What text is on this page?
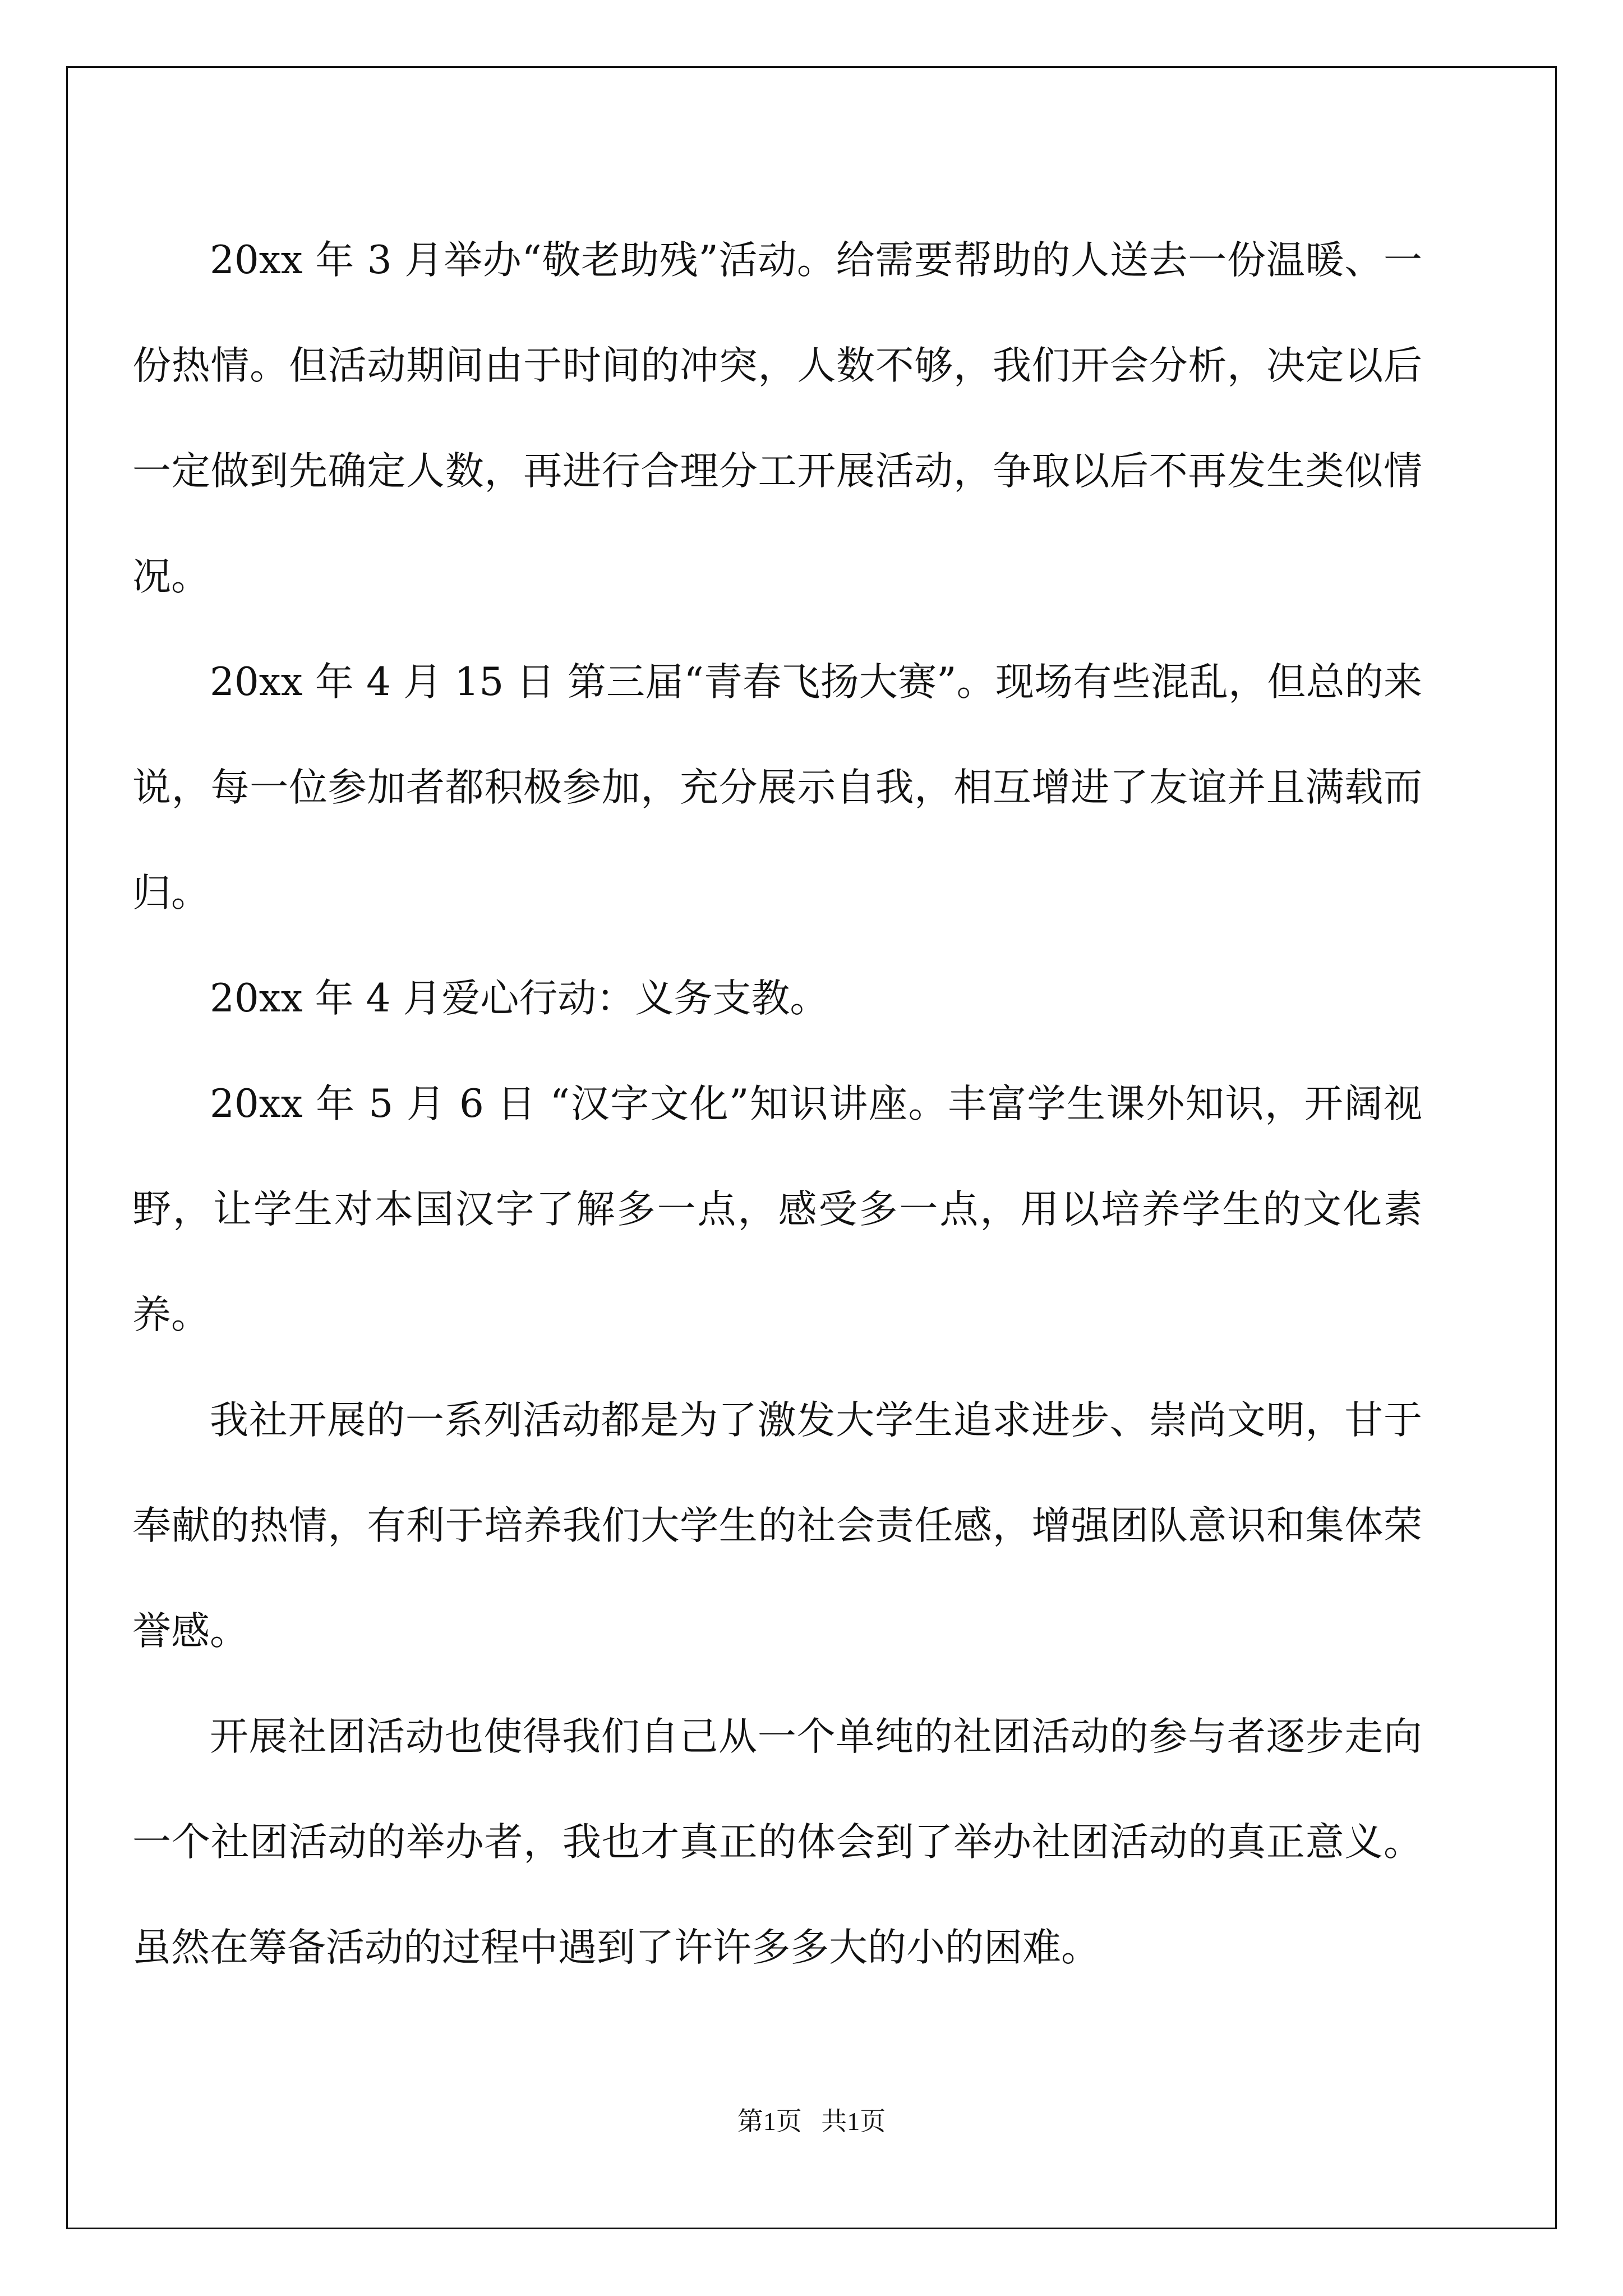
20xx 年 3 月举办“敬老助残”活动。给需要帮助的人送去一份温暖、一份热情。但活动期间由于时间的冲突，人数不够，我们开会分析，决定以后一定做到先确定人数，再进行合理分工开展活动，争取以后不再发生类似情况。

20xx 年 4 月 15 日 第三届“青春飞扬大赛”。现场有些混乱，但总的来说，每一位参加者都积极参加，充分展示自我，相互增进了友谊并且满载而归。

20xx 年 4 月爱心行动：义务支教。

20xx 年 5 月 6 日 “汉字文化”知识讲座。丰富学生课外知识，开阔视野，让学生对本国汉字了解多一点，感受多一点，用以培养学生的文化素养。

我社开展的一系列活动都是为了激发大学生追求进步、崇尚文明，甘于奉献的热情，有利于培养我们大学生的社会责任感，增强团队意识和集体荣誉感。

开展社团活动也使得我们自己从一个单纯的社团活动的参与者逐步走向一个社团活动的举办者，我也才真正的体会到了举办社团活动的真正意义。虽然在筹备活动的过程中遇到了许许多多大的小的困难。

第1页   共1页
